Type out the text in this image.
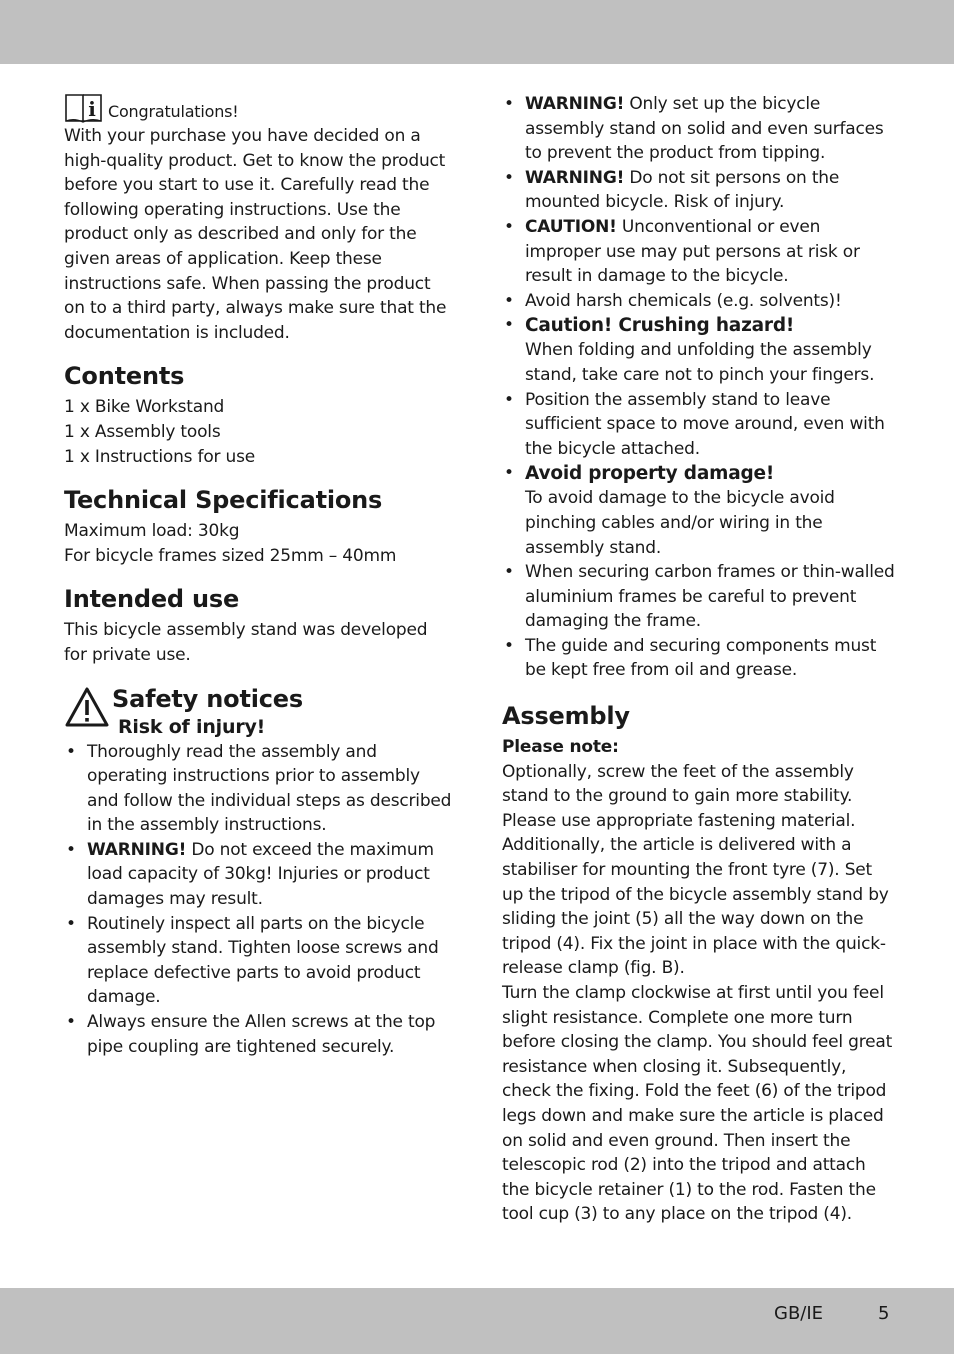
i Congratulations!

With your purchase you have decided on a high-quality product. Get to know the product before you start to use it. Carefully read the following operating instructions. Use the product only as described and only for the given areas of application. Keep these instructions safe. When passing the product on to a third party, always make sure that the documentation is included.

Contents
1 x Bike Workstand
1 x Assembly tools
1 x Instructions for use
Technical Specifications
Maximum load: 30kg
For bicycle frames sized 25mm – 40mm
Intended use

This bicycle assembly stand was developed for private use.

Safety notices
Risk of injury!
• Thoroughly read the assembly and operating instructions prior to assembly and follow the individual steps as described in the assembly instructions.
• WARNING! Do not exceed the maximum load capacity of 30kg! Injuries or product damages may result.
• Routinely inspect all parts on the bicycle assembly stand. Tighten loose screws and replace defective parts to avoid product damage.
• Always ensure the Allen screws at the top pipe coupling are tightened securely.
• WARNING! Only set up the bicycle assembly stand on solid and even surfaces to prevent the product from tipping.
• WARNING! Do not sit persons on the mounted bicycle. Risk of injury.
• CAUTION! Unconventional or even improper use may put persons at risk or result in damage to the bicycle.
• Avoid harsh chemicals (e.g. solvents)!
• Caution! Crushing hazard!
When folding and unfolding the assembly stand, take care not to pinch your fingers.
• Position the assembly stand to leave sufficient space to move around, even with the bicycle attached.
• Avoid property damage!
To avoid damage to the bicycle avoid pinching cables and/or wiring in the assembly stand.
• When securing carbon frames or thin-walled aluminium frames be careful to prevent damaging the frame.
• The guide and securing components must be kept free from oil and grease.
Assembly
Please note:

Optionally, screw the feet of the assembly stand to the ground to gain more stability. Please use appropriate fastening material. Additionally, the article is delivered with a stabiliser for mounting the front tyre (7). Set up the tripod of the bicycle assembly stand by sliding the joint (5) all the way down on the tripod (4). Fix the joint in place with the quick-release clamp (fig. B).

Turn the clamp clockwise at first until you feel slight resistance. Complete one more turn before closing the clamp. You should feel great resistance when closing it. Subsequently, check the fixing. Fold the feet (6) of the tripod legs down and make sure the article is placed on solid and even ground. Then insert the telescopic rod (2) into the tripod and attach the bicycle retainer (1) to the rod. Fasten the tool cup (3) to any place on the tripod (4).

GB/IE	5
